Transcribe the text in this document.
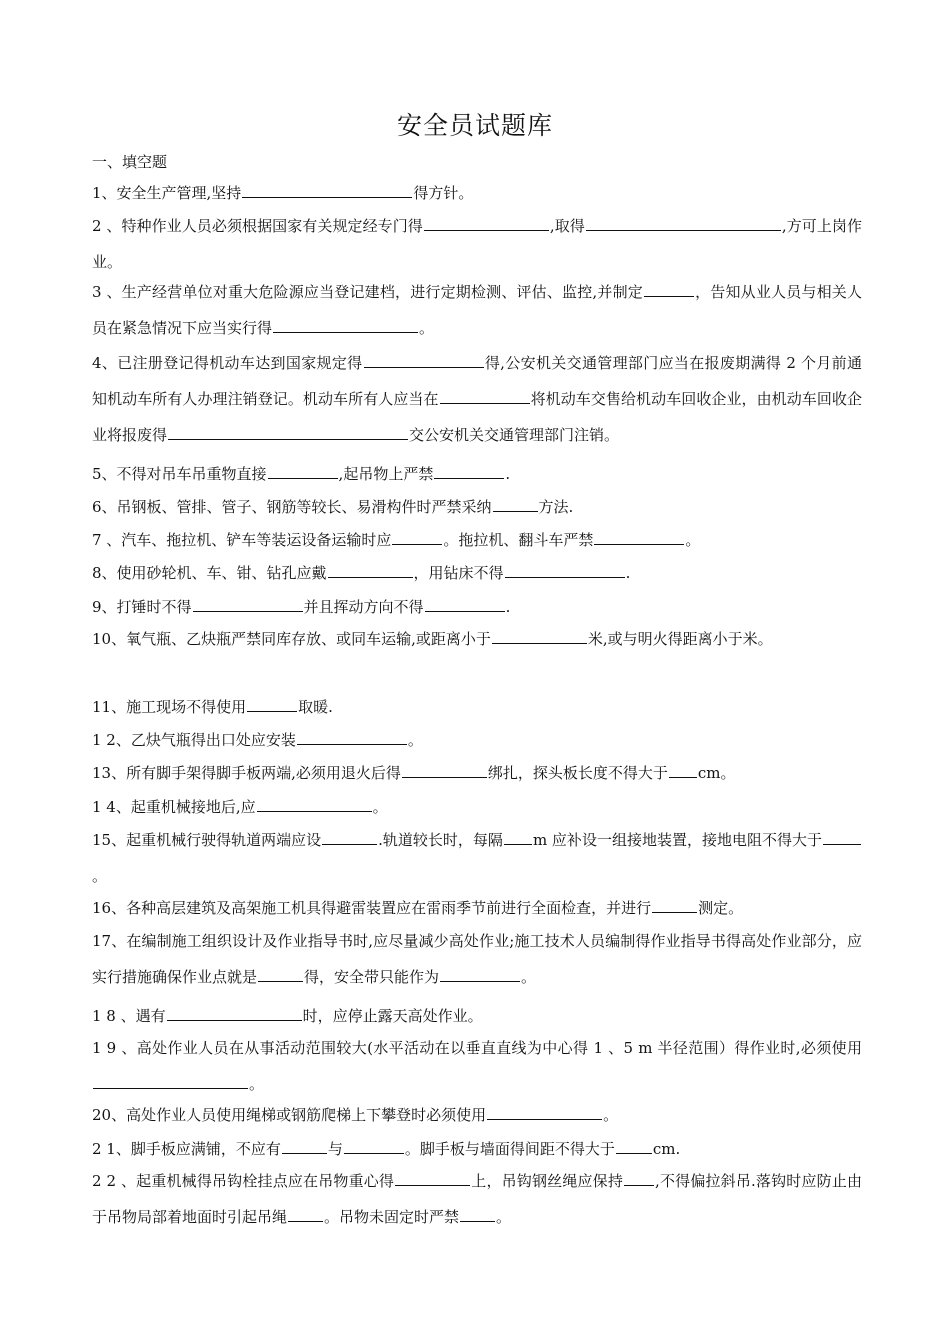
安全员试题库
一、填空题
1、安全生产管理,坚持	得方针。
2 、特种作业人员必须根据国家有关规定经专门得	,取得	,方可上岗作业。
3 、生产经营单位对重大危险源应当登记建档，进行定期检测、评估、监控,并制定	，告知从业人员与相关人员在紧急情况下应当实行得	。
4、已注册登记得机动车达到国家规定得	得,公安机关交通管理部门应当在报废期满得 2 个月前通知机动车所有人办理注销登记。机动车所有人应当在	将机动车交售给机动车回收企业，由机动车回收企业将报废得	交公安机关交通管理部门注销。
5、不得对吊车吊重物直接	,起吊物上严禁	.
6、吊钢板、管排、管子、钢筋等较长、易滑构件时严禁采纳	方法.
7 、汽车、拖拉机、铲车等装运设备运输时应	。拖拉机、翻斗车严禁	。
8、使用砂轮机、车、钳、钻孔应戴	，用钻床不得	.
9、打锤时不得	并且挥动方向不得	.
10、氧气瓶、乙炔瓶严禁同库存放、或同车运输,或距离小于	米,或与明火得距离小于米。
11、施工现场不得使用	取暖.
1 2、乙炔气瓶得出口处应安装	。
13、所有脚手架得脚手板两端,必须用退火后得	绑扎，探头板长度不得大于 cm。
1 4、起重机械接地后,应	。
15、起重机械行驶得轨道两端应设	.轨道较长时，每隔 m 应补设一组接地装置，接地电阻不得大于。
16、各种高层建筑及高架施工机具得避雷装置应在雷雨季节前进行全面检查，并进行	测定。
17、在编制施工组织设计及作业指导书时,应尽量减少高处作业;施工技术人员编制得作业指导书得高处作业部分，应实行措施确保作业点就是	得，安全带只能作为	。
1 8 、遇有	时，应停止露天高处作业。
1 9 、高处作业人员在从事活动范围较大(水平活动在以垂直直线为中心得 1 、5 m 半径范围）得作业时,必须使用。
20、高处作业人员使用绳梯或钢筋爬梯上下攀登时必须使用	。
2 1、脚手板应满铺，不应有	与	。脚手板与墙面得间距不得大于	cm.
2 2 、起重机械得吊钩栓挂点应在吊物重心得	上，吊钩钢丝绳应保持 ,不得偏拉斜吊.落钩时应防止由于吊物局部着地面时引起吊绳 。吊物未固定时严禁 。
